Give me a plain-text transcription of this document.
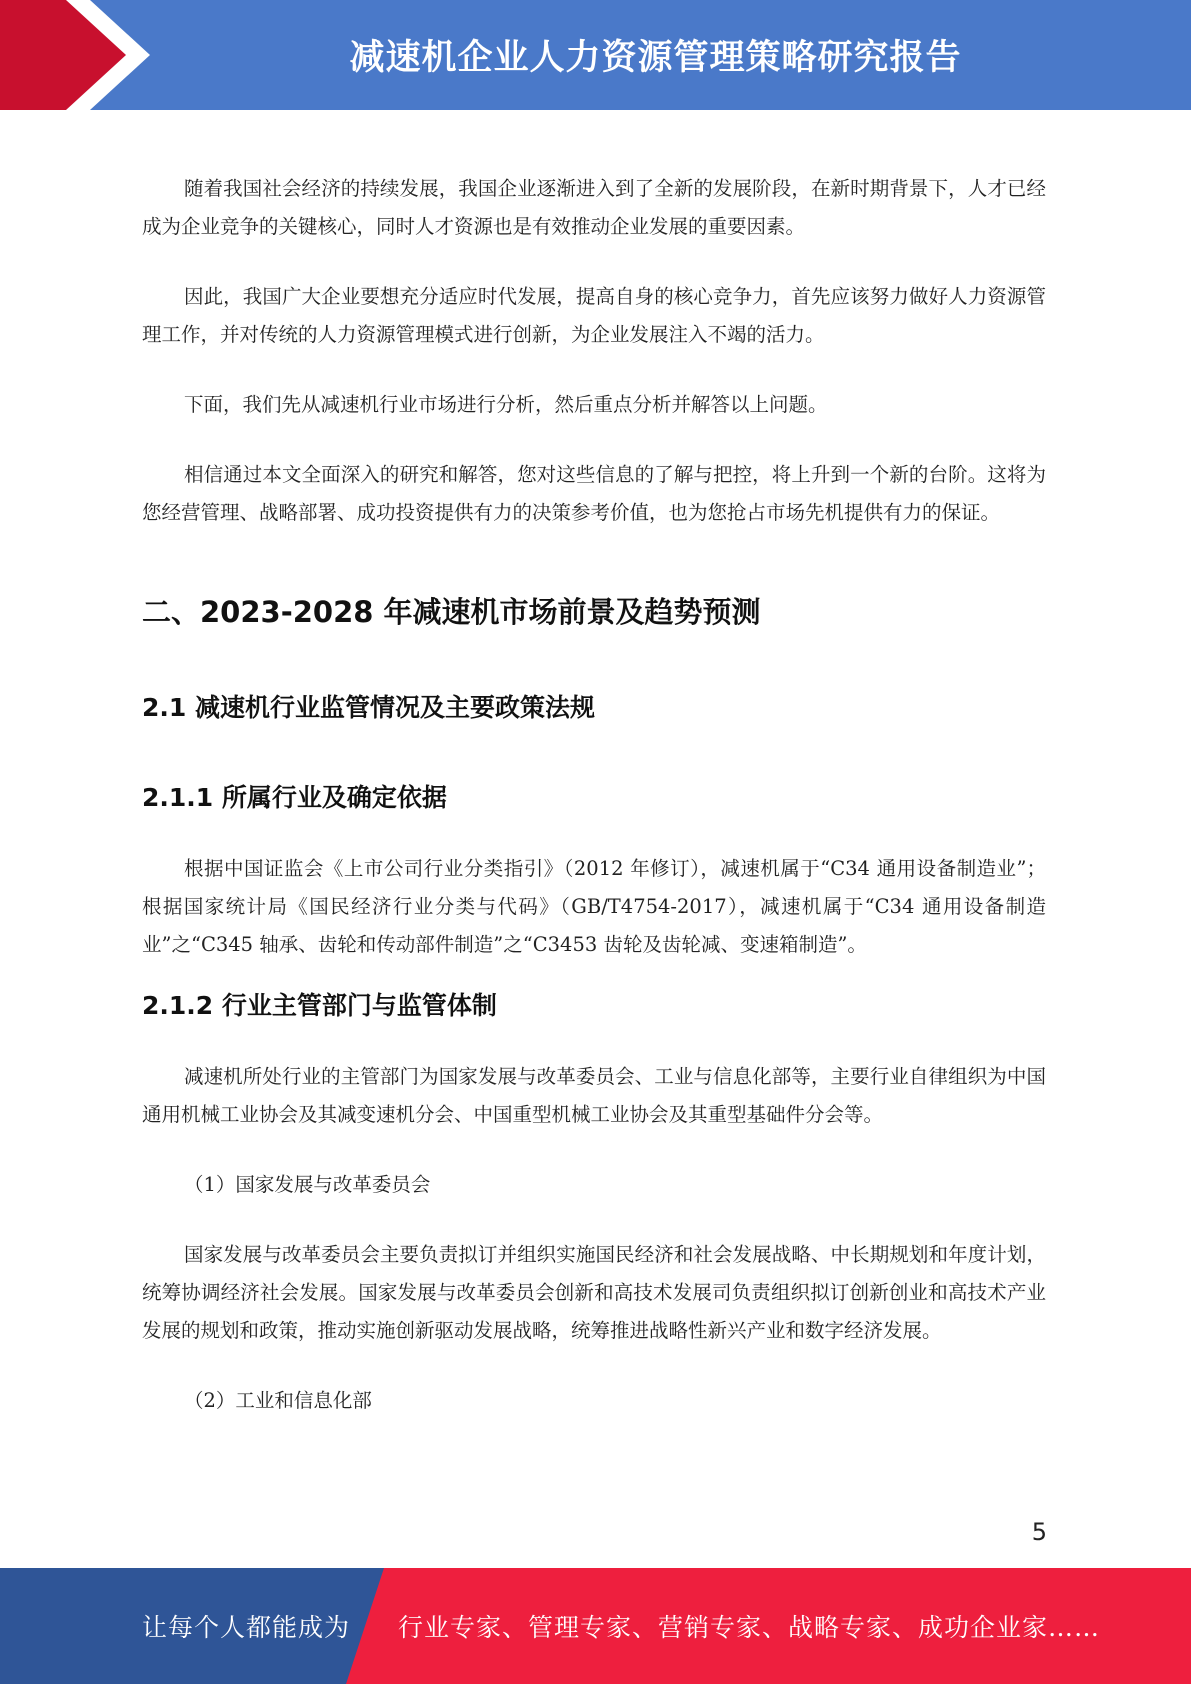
减速机企业人力资源管理策略研究报告

随着我国社会经济的持续发展，我国企业逐渐进入到了全新的发展阶段，在新时期背景下，人才已经成为企业竞争的关键核心，同时人才资源也是有效推动企业发展的重要因素。

因此，我国广大企业要想充分适应时代发展，提高自身的核心竞争力，首先应该努力做好人力资源管理工作，并对传统的人力资源管理模式进行创新，为企业发展注入不竭的活力。

下面，我们先从减速机行业市场进行分析，然后重点分析并解答以上问题。

相信通过本文全面深入的研究和解答，您对这些信息的了解与把控，将上升到一个新的台阶。这将为您经营管理、战略部署、成功投资提供有力的决策参考价值，也为您抢占市场先机提供有力的保证。

二、2023-2028 年减速机市场前景及趋势预测
2.1 减速机行业监管情况及主要政策法规
2.1.1 所属行业及确定依据

根据中国证监会《上市公司行业分类指引》（2012 年修订），减速机属于“C34 通用设备制造业”；根据国家统计局《国民经济行业分类与代码》（GB/T4754-2017），减速机属于“C34 通用设备制造业”之“C345 轴承、齿轮和传动部件制造”之“C3453 齿轮及齿轮减、变速箱制造”。

2.1.2 行业主管部门与监管体制

减速机所处行业的主管部门为国家发展与改革委员会、工业与信息化部等，主要行业自律组织为中国通用机械工业协会及其减变速机分会、中国重型机械工业协会及其重型基础件分会等。

（1）国家发展与改革委员会

国家发展与改革委员会主要负责拟订并组织实施国民经济和社会发展战略、中长期规划和年度计划，统筹协调经济社会发展。国家发展与改革委员会创新和高技术发展司负责组织拟订创新创业和高技术产业发展的规划和政策，推动实施创新驱动发展战略，统筹推进战略性新兴产业和数字经济发展。

（2）工业和信息化部
5
让每个人都能成为 行业专家、管理专家、营销专家、战略专家、成功企业家……
